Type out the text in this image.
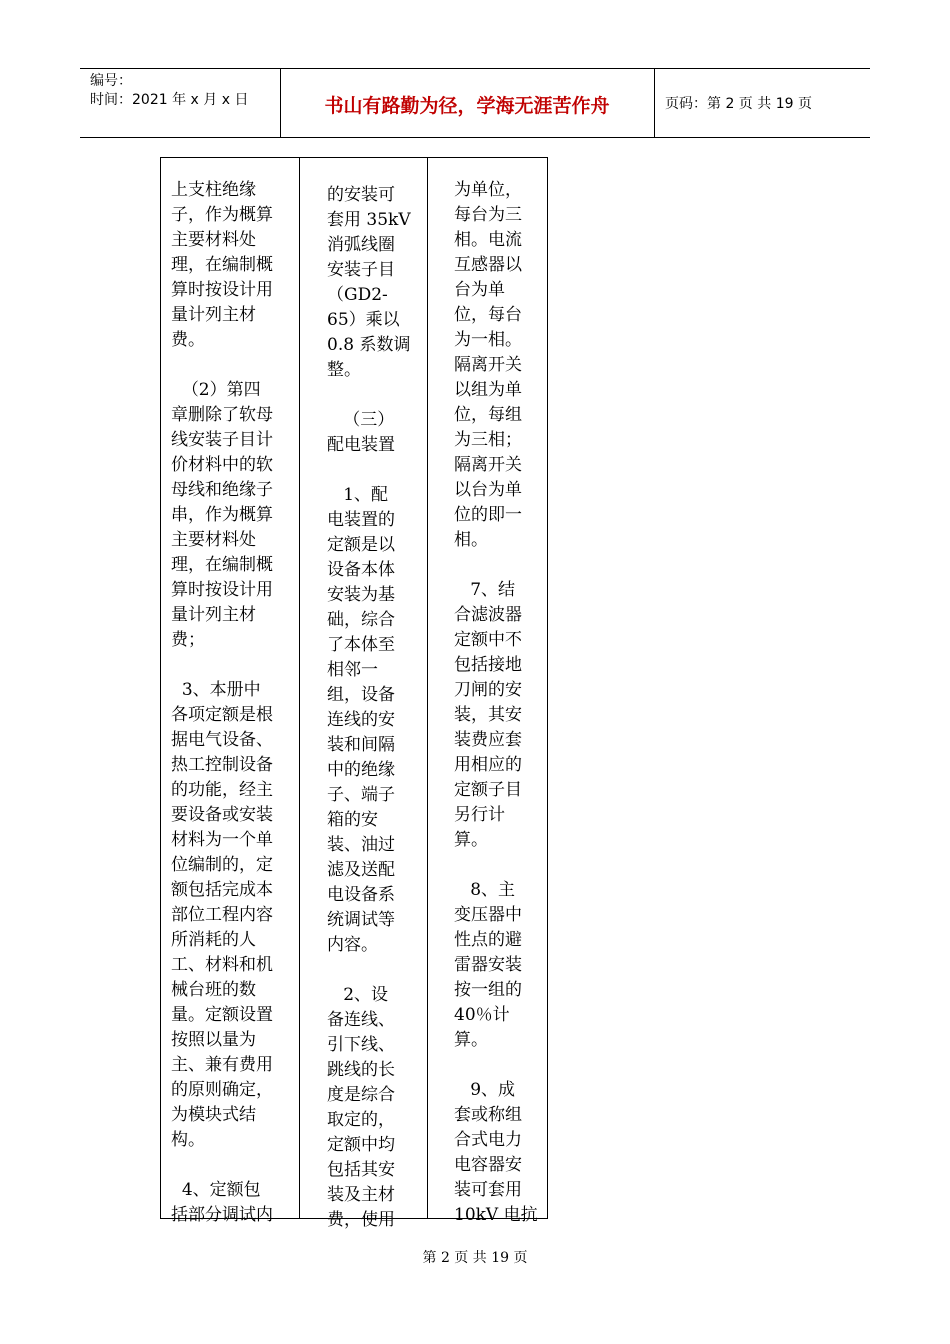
编号：
时间：2021 年 x 月 x 日	书山有路勤为径，学海无涯苦作舟	页码：第 2 页 共 19 页

上支柱绝缘

子，作为概算

主要材料处

理，在编制概

算时按设计用

量计列主材

费。

（2）第四

章删除了软母

线安装子目计

价材料中的软

母线和绝缘子

串，作为概算

主要材料处

理，在编制概

算时按设计用

量计列主材

费；

3、本册中

各项定额是根

据电气设备、

热工控制设备

的功能，经主

要设备或安装

材料为一个单

位编制的，定

额包括完成本

部位工程内容

所消耗的人

工、材料和机

械台班的数

量。定额设置

按照以量为

主、兼有费用

的原则确定，

为模块式结

构。

4、定额包

括部分调试内

的安装可

套用 35kV

消弧线圈

安装子目

（GD2-

65）乘以

0.8 系数调

整。

（三）

配电装置

1、配

电装置的

定额是以

设备本体

安装为基

础，综合

了本体至

相邻一

组，设备

连线的安

装和间隔

中的绝缘

子、端子

箱的安

装、油过

滤及送配

电设备系

统调试等

内容。

2、设

备连线、

引下线、

跳线的长

度是综合

取定的，

定额中均

包括其安

装及主材

费，使用

为单位，

每台为三

相。电流

互感器以

台为单

位，每台

为一相。

隔离开关

以组为单

位，每组

为三相；

隔离开关

以台为单

位的即一

相。

7、结

合滤波器

定额中不

包括接地

刀闸的安

装，其安

装费应套

用相应的

定额子目

另行计

算。

8、主

变压器中

性点的避

雷器安装

按一组的

40％计

算。

9、成

套或称组

合式电力

电容器安

装可套用

10kV 电抗

第 2 页 共 19 页
